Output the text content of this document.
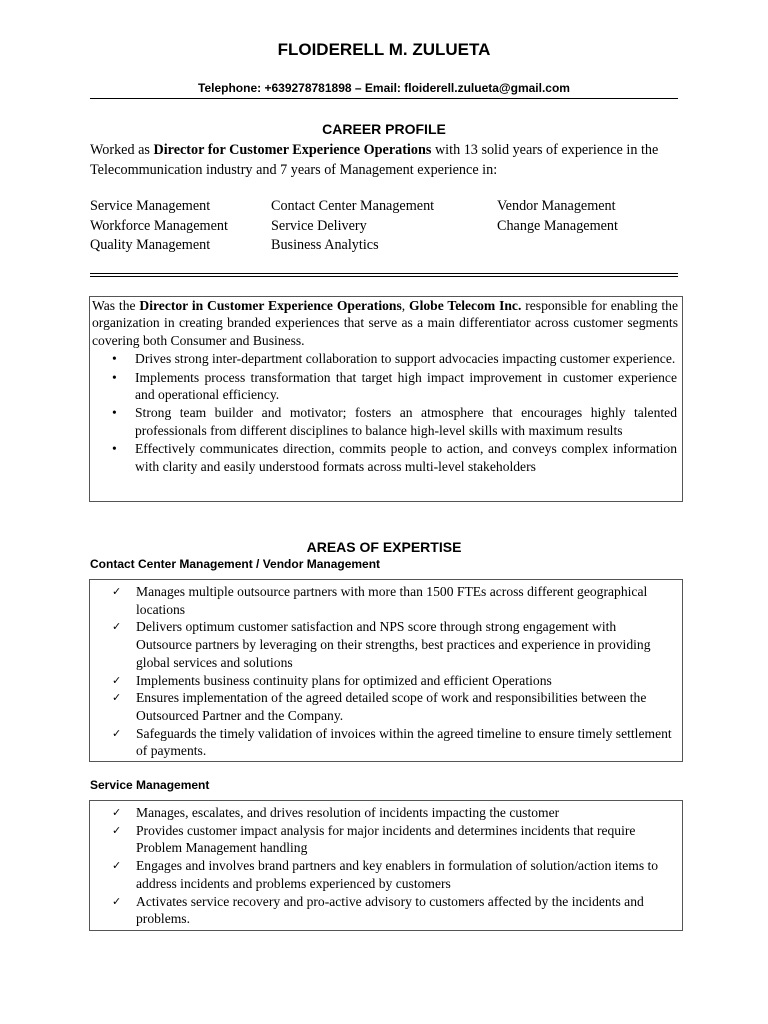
FLOIDERELL M. ZULUETA
Telephone: +639278781898 – Email: floiderell.zulueta@gmail.com
CAREER PROFILE
Worked as Director for Customer Experience Operations with 13 solid years of experience in the Telecommunication industry and 7 years of Management experience in:
Service Management
Workforce Management
Quality Management
Contact Center Management
Service Delivery
Business Analytics
Vendor Management
Change Management
Was the Director in Customer Experience Operations, Globe Telecom Inc. responsible for enabling the organization in creating branded experiences that serve as a main differentiator across customer segments covering both Consumer and Business.
• Drives strong inter-department collaboration to support advocacies impacting customer experience.
• Implements process transformation that target high impact improvement in customer experience and operational efficiency.
• Strong team builder and motivator; fosters an atmosphere that encourages highly talented professionals from different disciplines to balance high-level skills with maximum results
• Effectively communicates direction, commits people to action, and conveys complex information with clarity and easily understood formats across multi-level stakeholders
AREAS OF EXPERTISE
Contact Center Management / Vendor Management
✓ Manages multiple outsource partners with more than 1500 FTEs across different geographical locations
✓ Delivers optimum customer satisfaction and NPS score through strong engagement with Outsource partners by leveraging on their strengths, best practices and experience in providing global services and solutions
✓ Implements business continuity plans for optimized and efficient Operations
✓ Ensures implementation of the agreed detailed scope of work and responsibilities between the Outsourced Partner and the Company.
✓ Safeguards the timely validation of invoices within the agreed timeline to ensure timely settlement of payments.
Service Management
✓ Manages, escalates, and drives resolution of incidents impacting the customer
✓ Provides customer impact analysis for major incidents and determines incidents that require Problem Management handling
✓ Engages and involves brand partners and key enablers in formulation of solution/action items to address incidents and problems experienced by customers
✓ Activates service recovery and pro-active advisory to customers affected by the incidents and problems.
